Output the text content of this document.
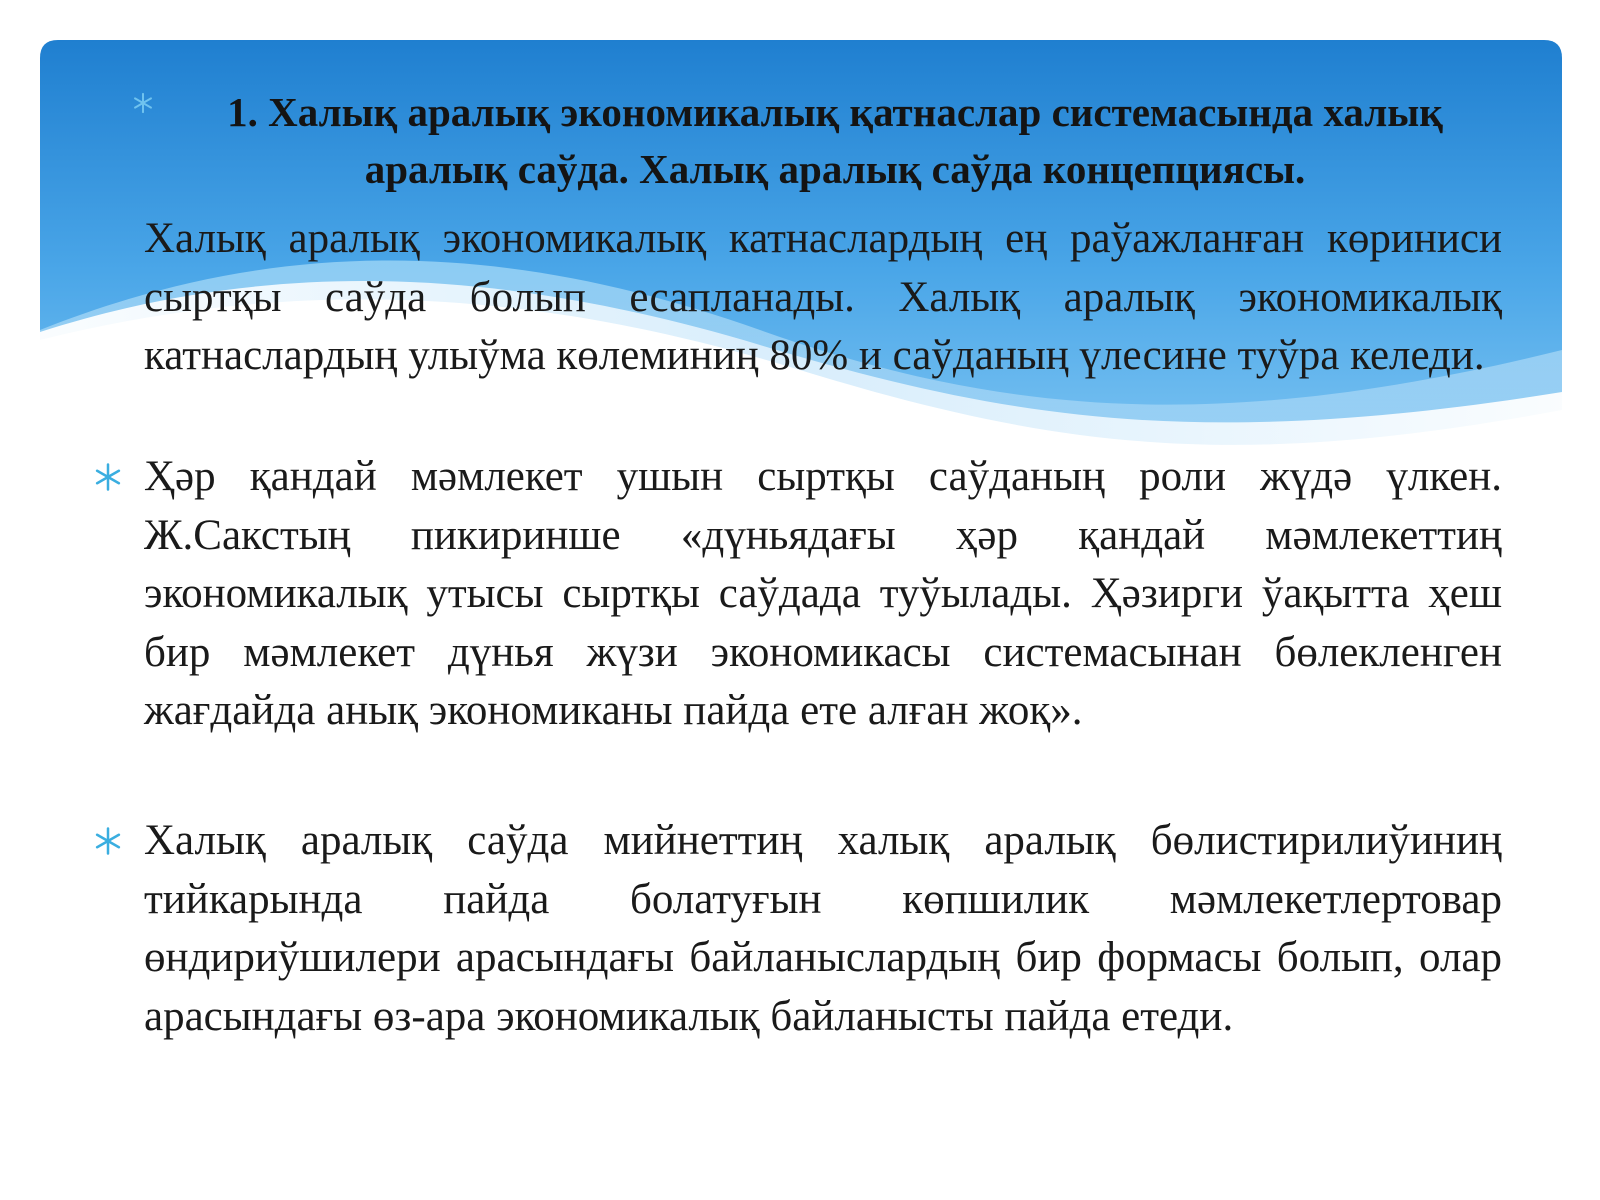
1. Халық аралық экономикалық қатнаслар системасында халық аралық саўда. Халық аралық саўда концепциясы.

Халық аралық экономикалық катнаслардың ең раўажланған көриниси сыртқы саўда болып есапланады. Халық аралық экономикалық катнаслардың улыўма көлеминиң 80% и саўданың үлесине туўра келеди.

Ҳәр қандай мәмлекет ушын сыртқы саўданың роли жүдә үлкен. Ж.Сакстың пикиринше «дүньядағы ҳәр қандай мәмлекеттиң экономикалық утысы сыртқы саўдада туўылады. Ҳәзирги ўақытта ҳеш бир мәмлекет дүнья жүзи экономикасы системасынан бөлекленген жағдайда анық экономиканы пайда ете алған жоқ».

Халық аралық саўда мийнеттиң халық аралық бөлистирилиўиниң тийкарында пайда болатуғын көпшилик мәмлекетлертовар өндириўшилери арасындағы байланыслардың бир формасы болып, олар арасындағы өз-ара экономикалық байланысты пайда етеди.
